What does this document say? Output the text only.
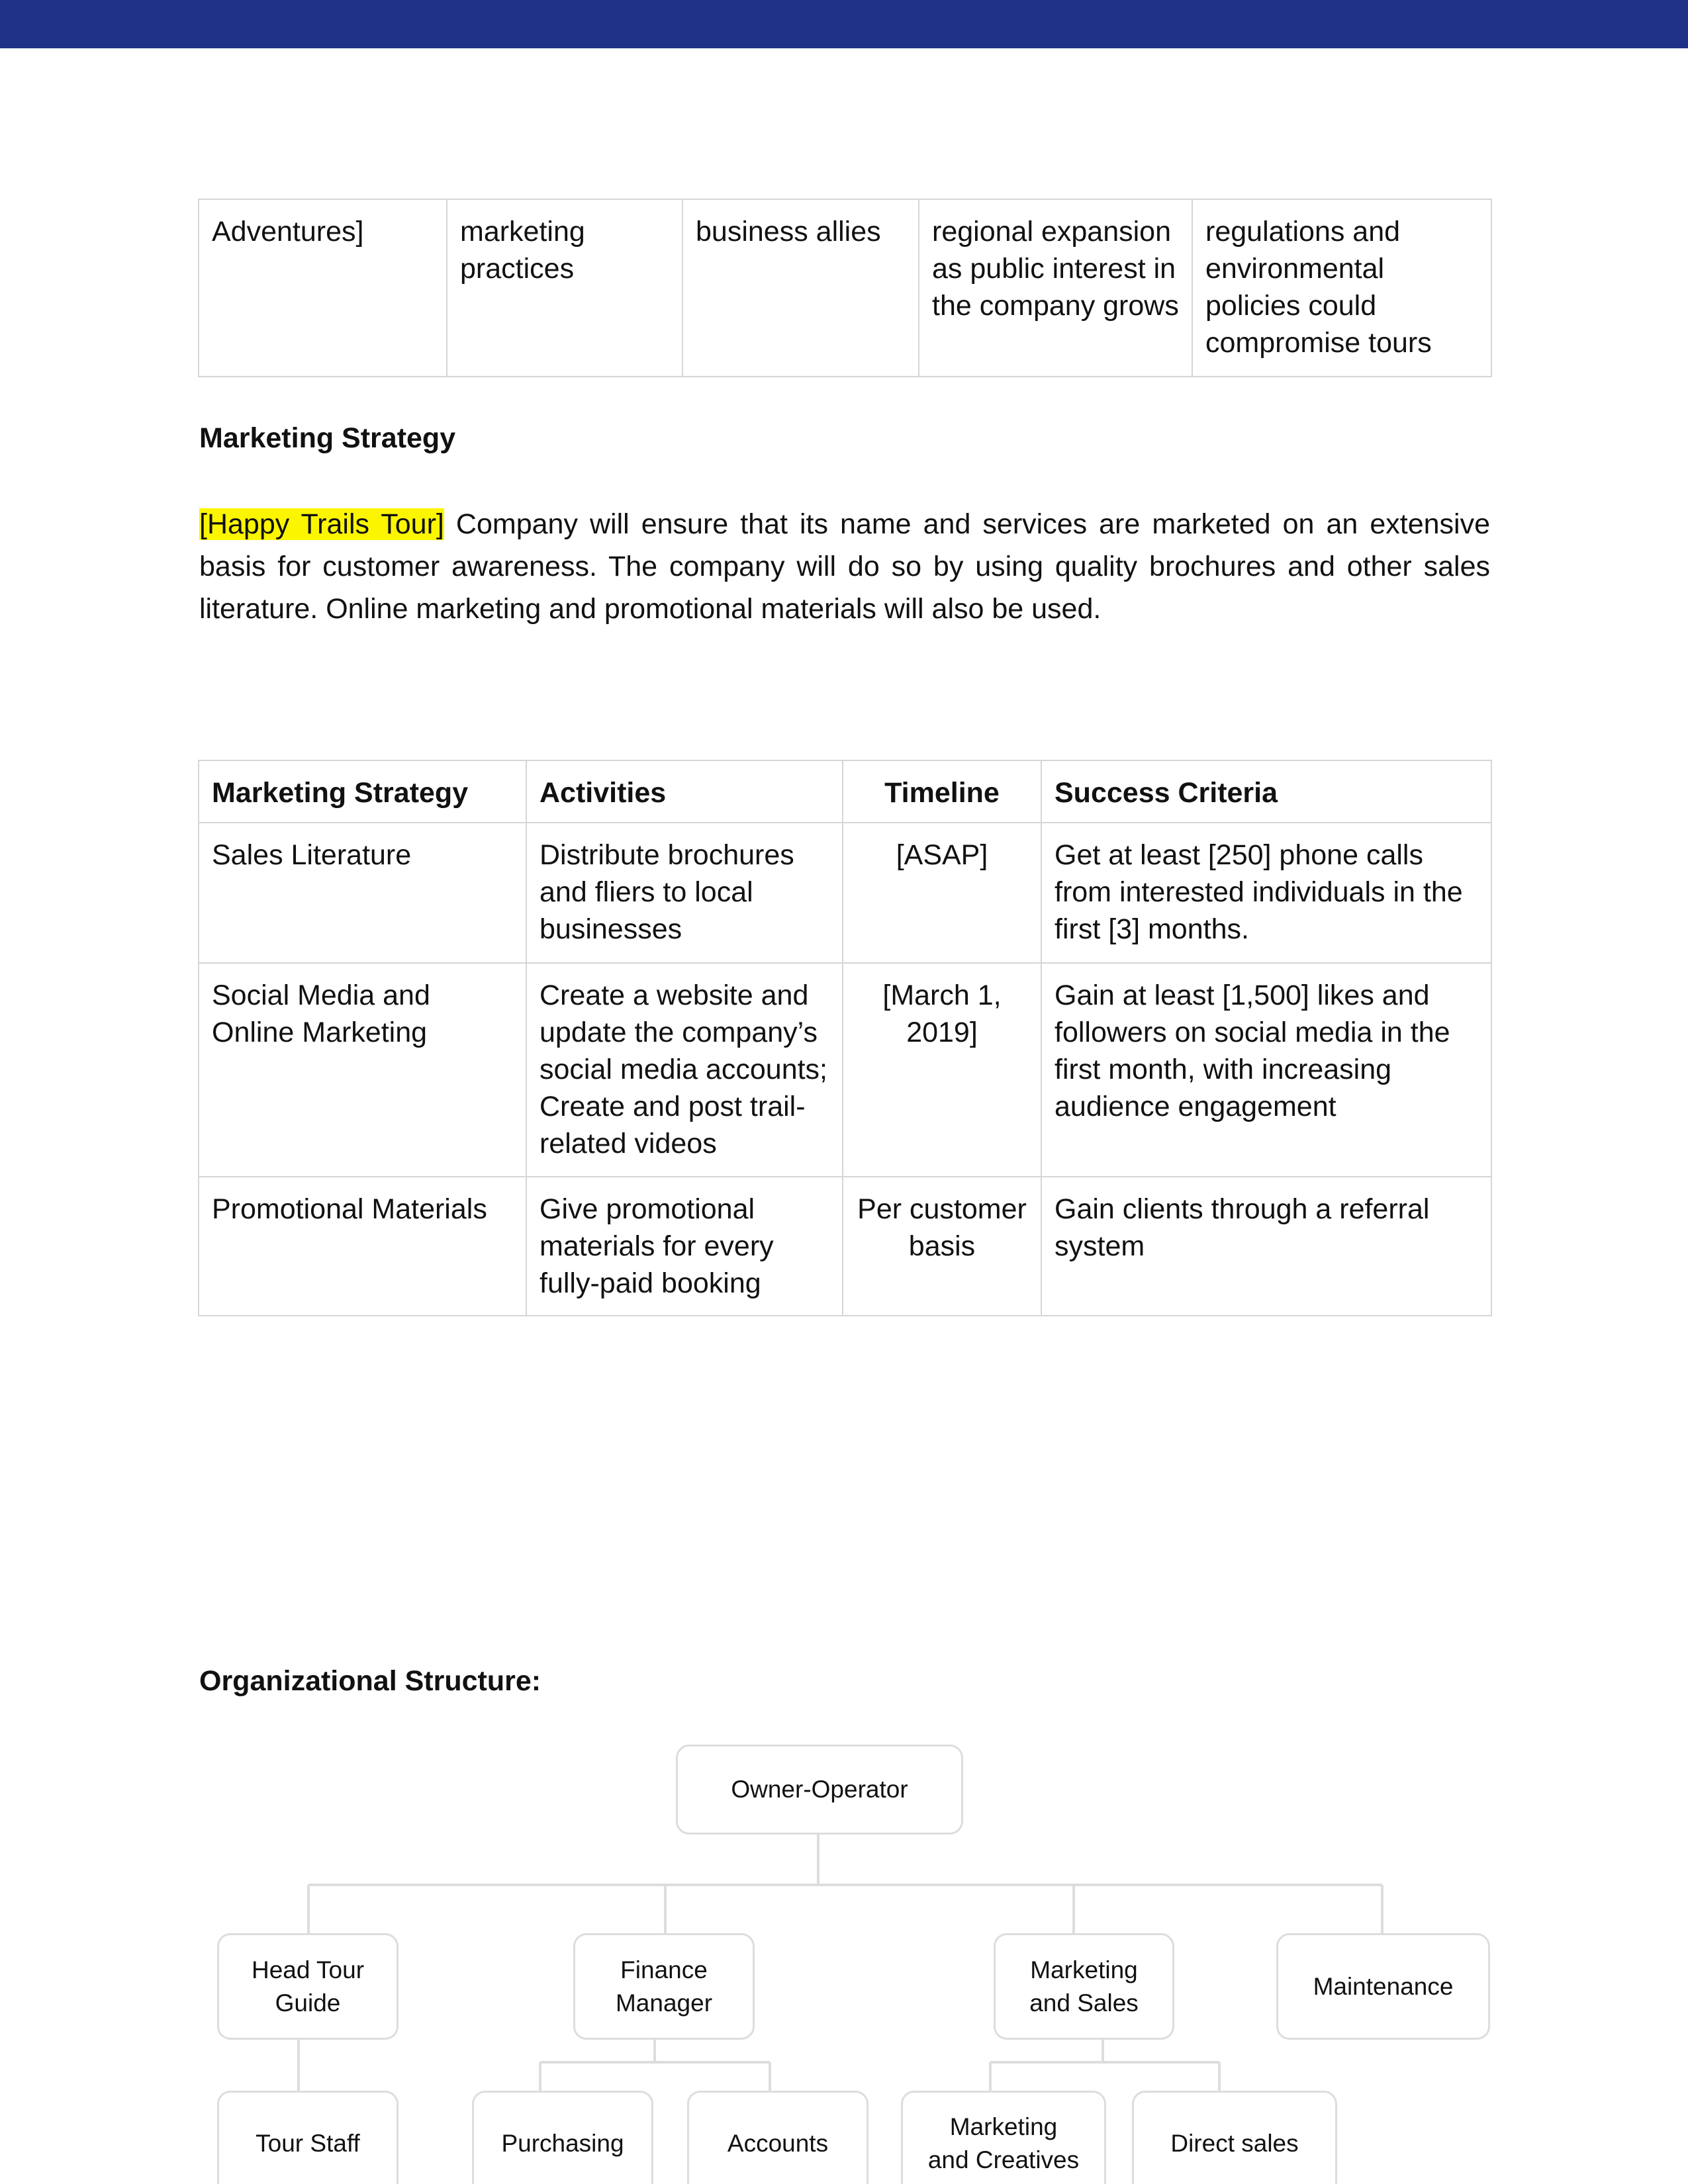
Adventures]	marketing practices	business allies	regional expansion as public interest in the company grows	regulations and environmental policies could compromise tours
Marketing Strategy

[Happy Trails Tour] Company will ensure that its name and services are marketed on an extensive basis for customer awareness. The company will do so by using quality brochures and other sales literature. Online marketing and promotional materials will also be used.

Marketing Strategy	Activities	Timeline	Success Criteria
Sales Literature	Distribute brochures and fliers to local businesses	[ASAP]	Get at least [250] phone calls from interested individuals in the first [3] months.
Social Media and Online Marketing	Create a website and update the company’s social media accounts; Create and post trail-related videos	[March 1, 2019]	Gain at least [1,500] likes and followers on social media in the first month, with increasing audience engagement
Promotional Materials	Give promotional materials for every fully-paid booking	Per customer basis	Gain clients through a referral system
Organizational Structure:
Owner-Operator
Head Tour
Guide
Finance
Manager
Marketing
and Sales
Maintenance
Tour Staff	Purchasing	Accounts
Marketing
and Creatives
Direct sales
